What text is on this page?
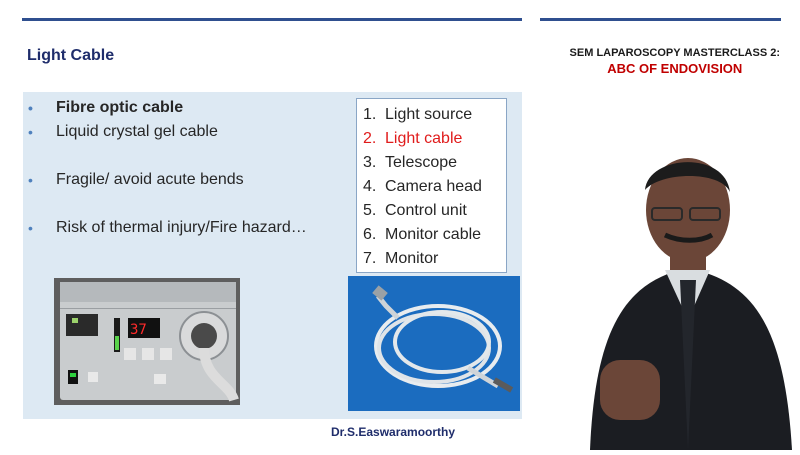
Light Cable	SEM LAPAROSCOPY MASTERCLASS 2:
ABC OF ENDOVISION
• Fibre optic cable
• Liquid crystal gel cable
• Fragile/ avoid acute bends
• Risk of thermal injury/Fire hazard…
1. Light source
2. Light cable
3. Telescope
4. Camera head
5. Control unit
6. Monitor cable
7. Monitor
37
Dr.S.Easwaramoorthy
